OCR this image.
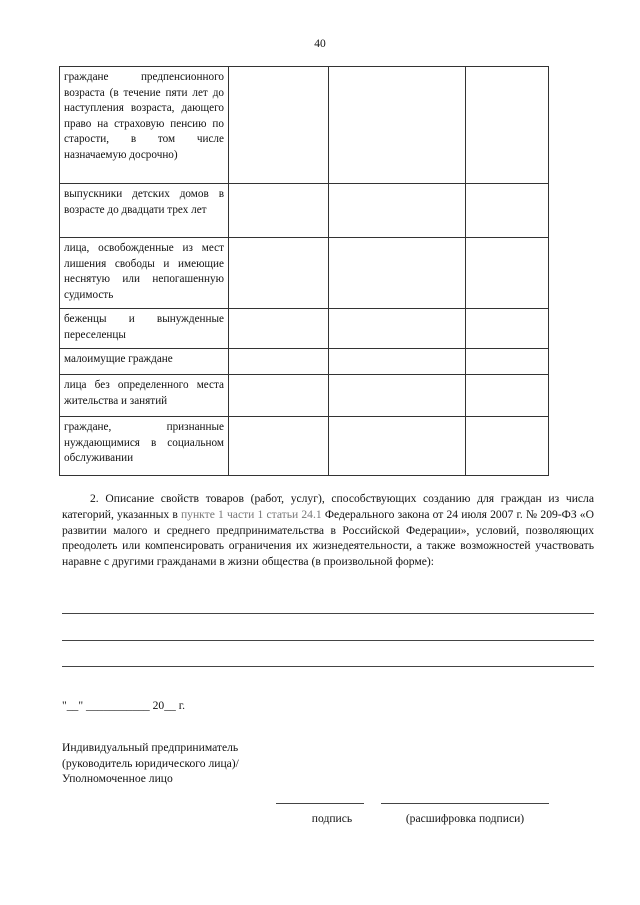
40
граждане предпенсионного возраста (в течение пяти лет до наступления возраста, дающего право на страховую пенсию по старости, в том числе назначаемую досрочно)			
выпускники детских домов в возрасте до двадцати трех лет			
лица, освобожденные из мест лишения свободы и имеющие неснятую или непогашенную судимость			
беженцы и вынужденные переселенцы			
малоимущие граждане			
лица без определенного места жительства и занятий			
граждане, признанные нуждающимися в социальном обслуживании			

2. Описание свойств товаров (работ, услуг), способствующих созданию для граждан из числа категорий, указанных в пункте 1 части 1 статьи 24.1 Федерального закона от 24 июля 2007 г. № 209-ФЗ «О развитии малого и среднего предпринимательства в Российской Федерации», условий, позволяющих преодолеть или компенсировать ограничения их жизнедеятельности, а также возможностей участвовать наравне с другими гражданами в жизни общества (в произвольной форме):

"__" ___________ 20__ г.

Индивидуальный предприниматель (руководитель юридического лица)/Уполномоченное лицо

подпись	(расшифровка подписи)
